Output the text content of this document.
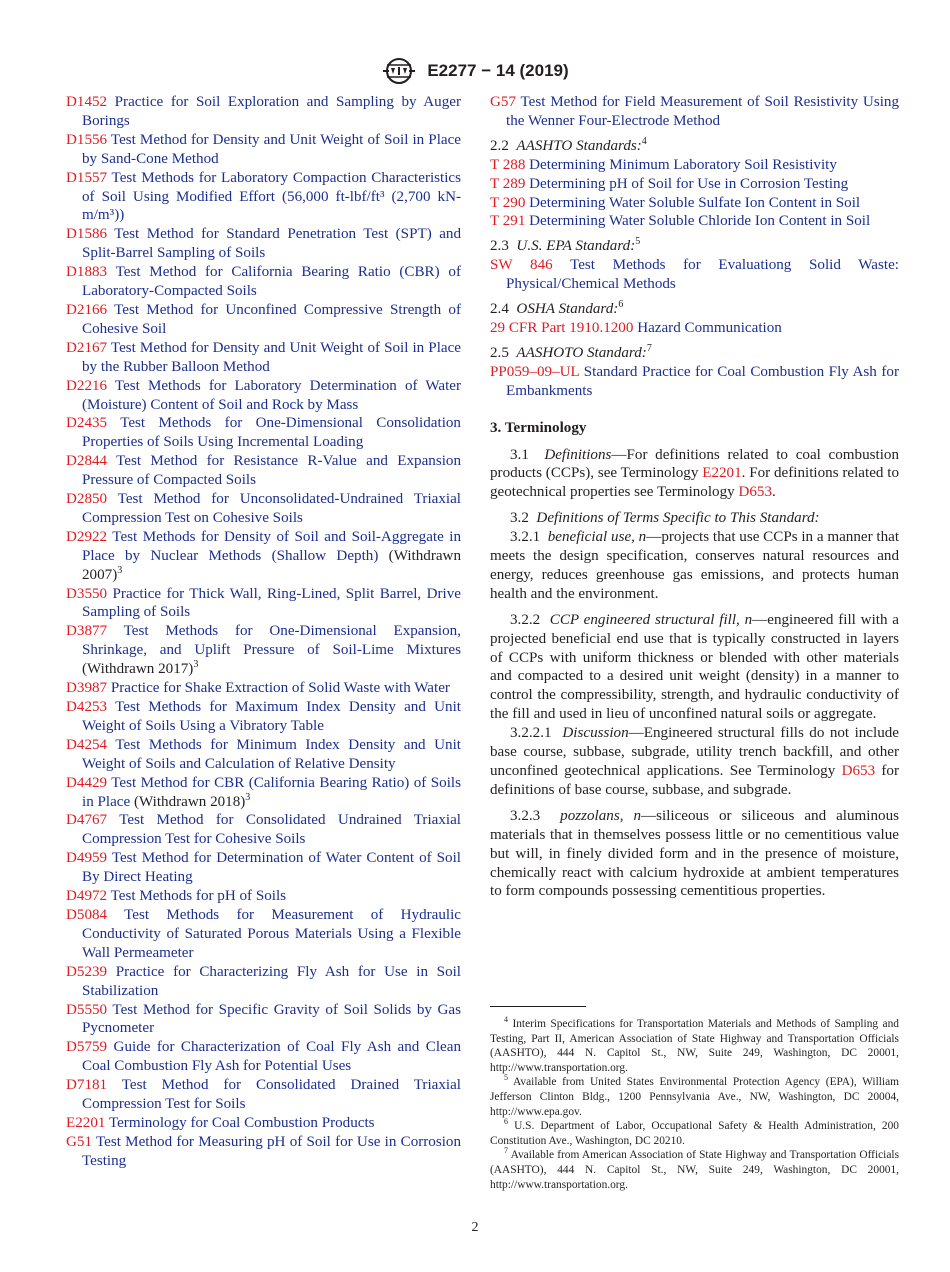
E2277 − 14 (2019)
D1452 Practice for Soil Exploration and Sampling by Auger Borings
D1556 Test Method for Density and Unit Weight of Soil in Place by Sand-Cone Method
D1557 Test Methods for Laboratory Compaction Characteristics of Soil Using Modified Effort (56,000 ft-lbf/ft³ (2,700 kN-m/m³))
D1586 Test Method for Standard Penetration Test (SPT) and Split-Barrel Sampling of Soils
D1883 Test Method for California Bearing Ratio (CBR) of Laboratory-Compacted Soils
D2166 Test Method for Unconfined Compressive Strength of Cohesive Soil
D2167 Test Method for Density and Unit Weight of Soil in Place by the Rubber Balloon Method
D2216 Test Methods for Laboratory Determination of Water (Moisture) Content of Soil and Rock by Mass
D2435 Test Methods for One-Dimensional Consolidation Properties of Soils Using Incremental Loading
D2844 Test Method for Resistance R-Value and Expansion Pressure of Compacted Soils
D2850 Test Method for Unconsolidated-Undrained Triaxial Compression Test on Cohesive Soils
D2922 Test Methods for Density of Soil and Soil-Aggregate in Place by Nuclear Methods (Shallow Depth) (Withdrawn 2007)$^3$
D3550 Practice for Thick Wall, Ring-Lined, Split Barrel, Drive Sampling of Soils
D3877 Test Methods for One-Dimensional Expansion, Shrinkage, and Uplift Pressure of Soil-Lime Mixtures (Withdrawn 2017)$^3$
D3987 Practice for Shake Extraction of Solid Waste with Water
D4253 Test Methods for Maximum Index Density and Unit Weight of Soils Using a Vibratory Table
D4254 Test Methods for Minimum Index Density and Unit Weight of Soils and Calculation of Relative Density
D4429 Test Method for CBR (California Bearing Ratio) of Soils in Place (Withdrawn 2018)$^3$
D4767 Test Method for Consolidated Undrained Triaxial Compression Test for Cohesive Soils
D4959 Test Method for Determination of Water Content of Soil By Direct Heating
D4972 Test Methods for pH of Soils
D5084 Test Methods for Measurement of Hydraulic Conductivity of Saturated Porous Materials Using a Flexible Wall Permeameter
D5239 Practice for Characterizing Fly Ash for Use in Soil Stabilization
D5550 Test Method for Specific Gravity of Soil Solids by Gas Pycnometer
D5759 Guide for Characterization of Coal Fly Ash and Clean Coal Combustion Fly Ash for Potential Uses
D7181 Test Method for Consolidated Drained Triaxial Compression Test for Soils
E2201 Terminology for Coal Combustion Products
G51 Test Method for Measuring pH of Soil for Use in Corrosion Testing
G57 Test Method for Field Measurement of Soil Resistivity Using the Wenner Four-Electrode Method
2.2 AASHTO Standards:$^4$
T 288 Determining Minimum Laboratory Soil Resistivity
T 289 Determining pH of Soil for Use in Corrosion Testing
T 290 Determining Water Soluble Sulfate Ion Content in Soil
T 291 Determining Water Soluble Chloride Ion Content in Soil
2.3 U.S. EPA Standard:$^5$
SW 846 Test Methods for Evaluationg Solid Waste: Physical/Chemical Methods
2.4 OSHA Standard:$^6$
29 CFR Part 1910.1200 Hazard Communication
2.5 AASHOTO Standard:$^7$
PP059–09–UL Standard Practice for Coal Combustion Fly Ash for Embankments
3. Terminology
3.1 Definitions—For definitions related to coal combustion products (CCPs), see Terminology E2201. For definitions related to geotechnical properties see Terminology D653.
3.2 Definitions of Terms Specific to This Standard:
3.2.1 beneficial use, n—projects that use CCPs in a manner that meets the design specification, conserves natural resources and energy, reduces greenhouse gas emissions, and protects human health and the environment.
3.2.2 CCP engineered structural fill, n—engineered fill with a projected beneficial end use that is typically constructed in layers of CCPs with uniform thickness or blended with other materials and compacted to a desired unit weight (density) in a manner to control the compressibility, strength, and hydraulic conductivity of the fill and used in lieu of unconfined natural soils or aggregate.
3.2.2.1 Discussion—Engineered structural fills do not include base course, subbase, subgrade, utility trench backfill, and other unconfined geotechnical applications. See Terminology D653 for definitions of base course, subbase, and subgrade.
3.2.3 pozzolans, n—siliceous or siliceous and aluminous materials that in themselves possess little or no cementitious value but will, in finely divided form and in the presence of moisture, chemically react with calcium hydroxide at ambient temperatures to form compounds possessing cementitious properties.
$^4$ Interim Specifications for Transportation Materials and Methods of Sampling and Testing, Part II, American Association of State Highway and Transportation Officials (AASHTO), 444 N. Capitol St., NW, Suite 249, Washington, DC 20001, http://www.transportation.org.
$^5$ Available from United States Environmental Protection Agency (EPA), William Jefferson Clinton Bldg., 1200 Pennsylvania Ave., NW, Washington, DC 20004, http://www.epa.gov.
$^6$ U.S. Department of Labor, Occupational Safety & Health Administration, 200 Constitution Ave., Washington, DC 20210.
$^7$ Available from American Association of State Highway and Transportation Officials (AASHTO), 444 N. Capitol St., NW, Suite 249, Washington, DC 20001, http://www.transportation.org.
2
